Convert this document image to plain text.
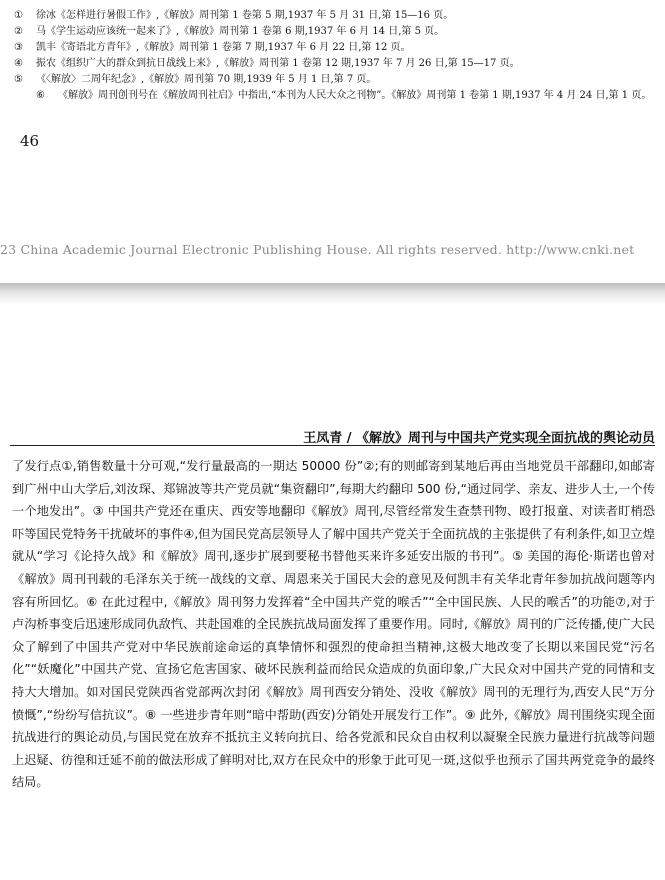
① 徐冰《怎样进行暑假工作》,《解放》周刊第 1 卷第 5 期,1937 年 5 月 31 日,第 15—16 页。
② 马《学生运动应该统一起来了》,《解放》周刊第 1 卷第 6 期,1937 年 6 月 14 日,第 5 页。
③ 凯丰《寄语北方青年》,《解放》周刊第 1 卷第 7 期,1937 年 6 月 22 日,第 12 页。
④ 振农《组织广大的群众到抗日战线上来》,《解放》周刊第 1 卷第 12 期,1937 年 7 月 26 日,第 15—17 页。
⑤ 《〈解放〉二周年纪念》,《解放》周刊第 70 期,1939 年 5 月 1 日,第 7 页。
⑥ 《解放》周刊创刊号在《解放周刊社启》中指出,“本刊为人民大众之刊物”。《解放》周刊第 1 卷第 1 期,1937 年 4 月 24 日,第 1 页。
46
23 China Academic Journal Electronic Publishing House. All rights reserved. http://www.cnki.net
王凤青 / 《解放》周刊与中国共产党实现全面抗战的舆论动员
了发行点①,销售数量十分可观,“发行量最高的一期达 50000 份”②;有的则邮寄到某地后再由当地党员干部翻印,如邮寄到广州中山大学后,刘汝琛、郑锦波等共产党员就“集资翻印”,每期大约翻印 500 份,“通过同学、亲友、进步人士,一个传一个地发出”。③ 中国共产党还在重庆、西安等地翻印《解放》周刊,尽管经常发生查禁刊物、殴打报童、对读者盯梢恐吓等国民党特务干扰破坏的事件④,但为国民党高层领导人了解中国共产党关于全面抗战的主张提供了有利条件,如卫立煌就从“学习《论持久战》和《解放》周刊,逐步扩展到要秘书替他买来许多延安出版的书刊”。⑤ 美国的海伦·斯诺也曾对《解放》周刊刊载的毛泽东关于统一战线的文章、周恩来关于国民大会的意见及何凯丰有关华北青年参加抗战问题等内容有所回忆。⑥ 在此过程中,《解放》周刊努力发挥着“全中国共产党的喉舌”“全中国民族、人民的喉舌”的功能⑦,对于卢沟桥事变后迅速形成同仇敌忾、共赴国难的全民族抗战局面发挥了重要作用。同时,《解放》周刊的广泛传播,使广大民众了解到了中国共产党对中华民族前途命运的真挚情怀和强烈的使命担当精神,这极大地改变了长期以来国民党“污名化”“妖魔化”中国共产党、宣扬它危害国家、破坏民族利益而给民众造成的负面印象,广大民众对中国共产党的同情和支持大大增加。如对国民党陕西省党部两次封闭《解放》周刊西安分销处、没收《解放》周刊的无理行为,西安人民“万分愤慨”,“纷纷写信抗议”。⑧ 一些进步青年则“暗中帮助(西安)分销处开展发行工作”。⑨ 此外,《解放》周刊围绕实现全面抗战进行的舆论动员,与国民党在放弃不抵抗主义转向抗日、给各党派和民众自由权利以凝聚全民族力量进行抗战等问题上迟疑、彷徨和迁延不前的做法形成了鲜明对比,双方在民众中的形象于此可见一斑,这似乎也预示了国共两党竞争的最终结局。
